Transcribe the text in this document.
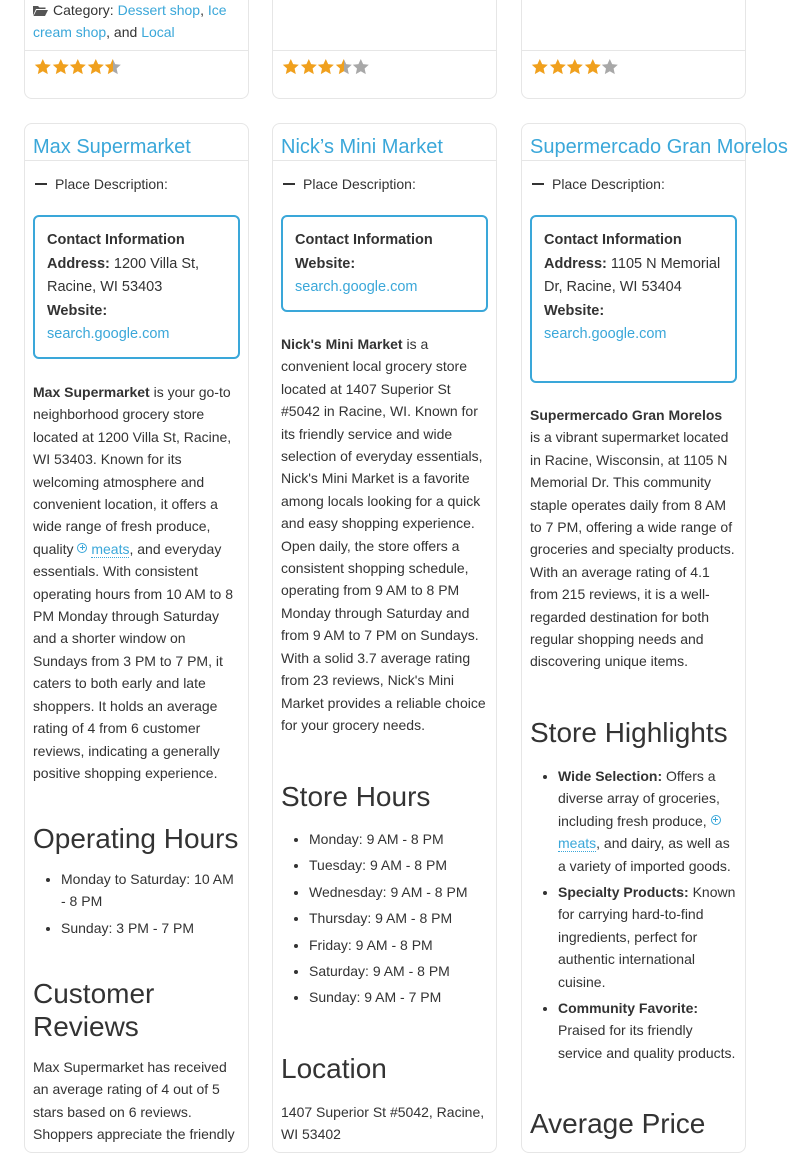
Category: Dessert shop, Ice cream shop, and Local
Max Supermarket
Place Description:
Contact Information
Address: 1200 Villa St, Racine, WI 53403
Website:
search.google.com
Max Supermarket is your go-to neighborhood grocery store located at 1200 Villa St, Racine, WI 53403. Known for its welcoming atmosphere and convenient location, it offers a wide range of fresh produce, quality meats, and everyday essentials. With consistent operating hours from 10 AM to 8 PM Monday through Saturday and a shorter window on Sundays from 3 PM to 7 PM, it caters to both early and late shoppers. It holds an average rating of 4 from 6 customer reviews, indicating a generally positive shopping experience.
Operating Hours
• Monday to Saturday: 10 AM - 8 PM
• Sunday: 3 PM - 7 PM
Customer Reviews
Max Supermarket has received an average rating of 4 out of 5 stars based on 6 reviews. Shoppers appreciate the friendly
Nick’s Mini Market
Place Description:
Contact Information
Website:
search.google.com
Nick's Mini Market is a convenient local grocery store located at 1407 Superior St #5042 in Racine, WI. Known for its friendly service and wide selection of everyday essentials, Nick's Mini Market is a favorite among locals looking for a quick and easy shopping experience. Open daily, the store offers a consistent shopping schedule, operating from 9 AM to 8 PM Monday through Saturday and from 9 AM to 7 PM on Sundays. With a solid 3.7 average rating from 23 reviews, Nick's Mini Market provides a reliable choice for your grocery needs.
Store Hours
• Monday: 9 AM - 8 PM
• Tuesday: 9 AM - 8 PM
• Wednesday: 9 AM - 8 PM
• Thursday: 9 AM - 8 PM
• Friday: 9 AM - 8 PM
• Saturday: 9 AM - 8 PM
• Sunday: 9 AM - 7 PM
Location
1407 Superior St #5042, Racine, WI 53402
Supermercado Gran Morelos
Place Description:
Contact Information
Address: 1105 N Memorial Dr, Racine, WI 53404
Website:
search.google.com
Supermercado Gran Morelos is a vibrant supermarket located in Racine, Wisconsin, at 1105 N Memorial Dr. This community staple operates daily from 8 AM to 7 PM, offering a wide range of groceries and specialty products. With an average rating of 4.1 from 215 reviews, it is a well-regarded destination for both regular shopping needs and discovering unique items.
Store Highlights
• Wide Selection: Offers a diverse array of groceries, including fresh produce, meats, and dairy, as well as a variety of imported goods.
• Specialty Products: Known for carrying hard-to-find ingredients, perfect for authentic international cuisine.
• Community Favorite: Praised for its friendly service and quality products.
Average Price
